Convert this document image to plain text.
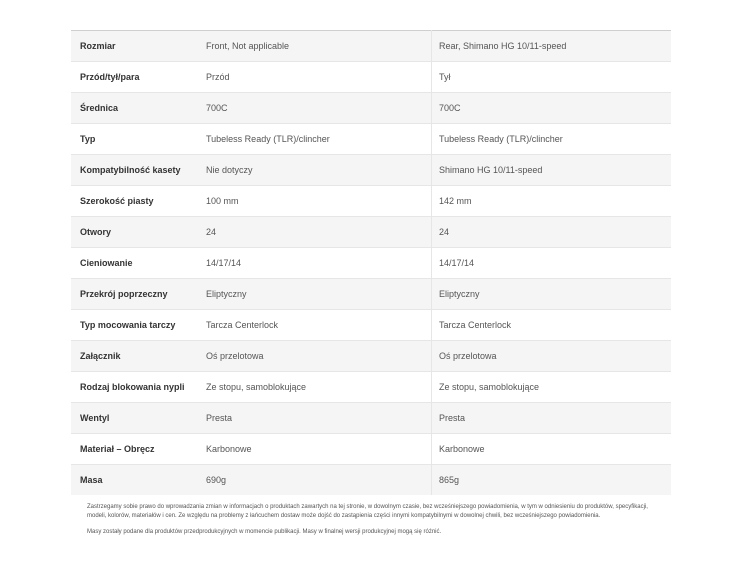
Rozmiar	Front, Not applicable	Rear, Shimano HG 10/11-speed
Przód/tył/para	Przód	Tył
Średnica	700C	700C
Typ	Tubeless Ready (TLR)/clincher	Tubeless Ready (TLR)/clincher
Kompatybilność kasety	Nie dotyczy	Shimano HG 10/11-speed
Szerokość piasty	100 mm	142 mm
Otwory	24	24
Cieniowanie	14/17/14	14/17/14
Przekrój poprzeczny	Eliptyczny	Eliptyczny
Typ mocowania tarczy	Tarcza Centerlock	Tarcza Centerlock
Załącznik	Oś przelotowa	Oś przelotowa
Rodzaj blokowania nypli	Ze stopu, samoblokujące	Ze stopu, samoblokujące
Wentyl	Presta	Presta
Materiał – Obręcz	Karbonowe	Karbonowe
Masa	690g	865g

Zastrzegamy sobie prawo do wprowadzania zmian w informacjach o produktach zawartych na tej stronie, w dowolnym czasie, bez wcześniejszego powiadomienia, w tym w odniesieniu do produktów, specyfikacji, modeli, kolorów, materiałów i cen. Ze względu na problemy z łańcuchem dostaw może dojść do zastąpienia części innymi kompatybilnymi w dowolnej chwili, bez wcześniejszego powiadomienia.

Masy zostały podane dla produktów przedprodukcyjnych w momencie publikacji. Masy w finalnej wersji produkcyjnej mogą się różnić.
